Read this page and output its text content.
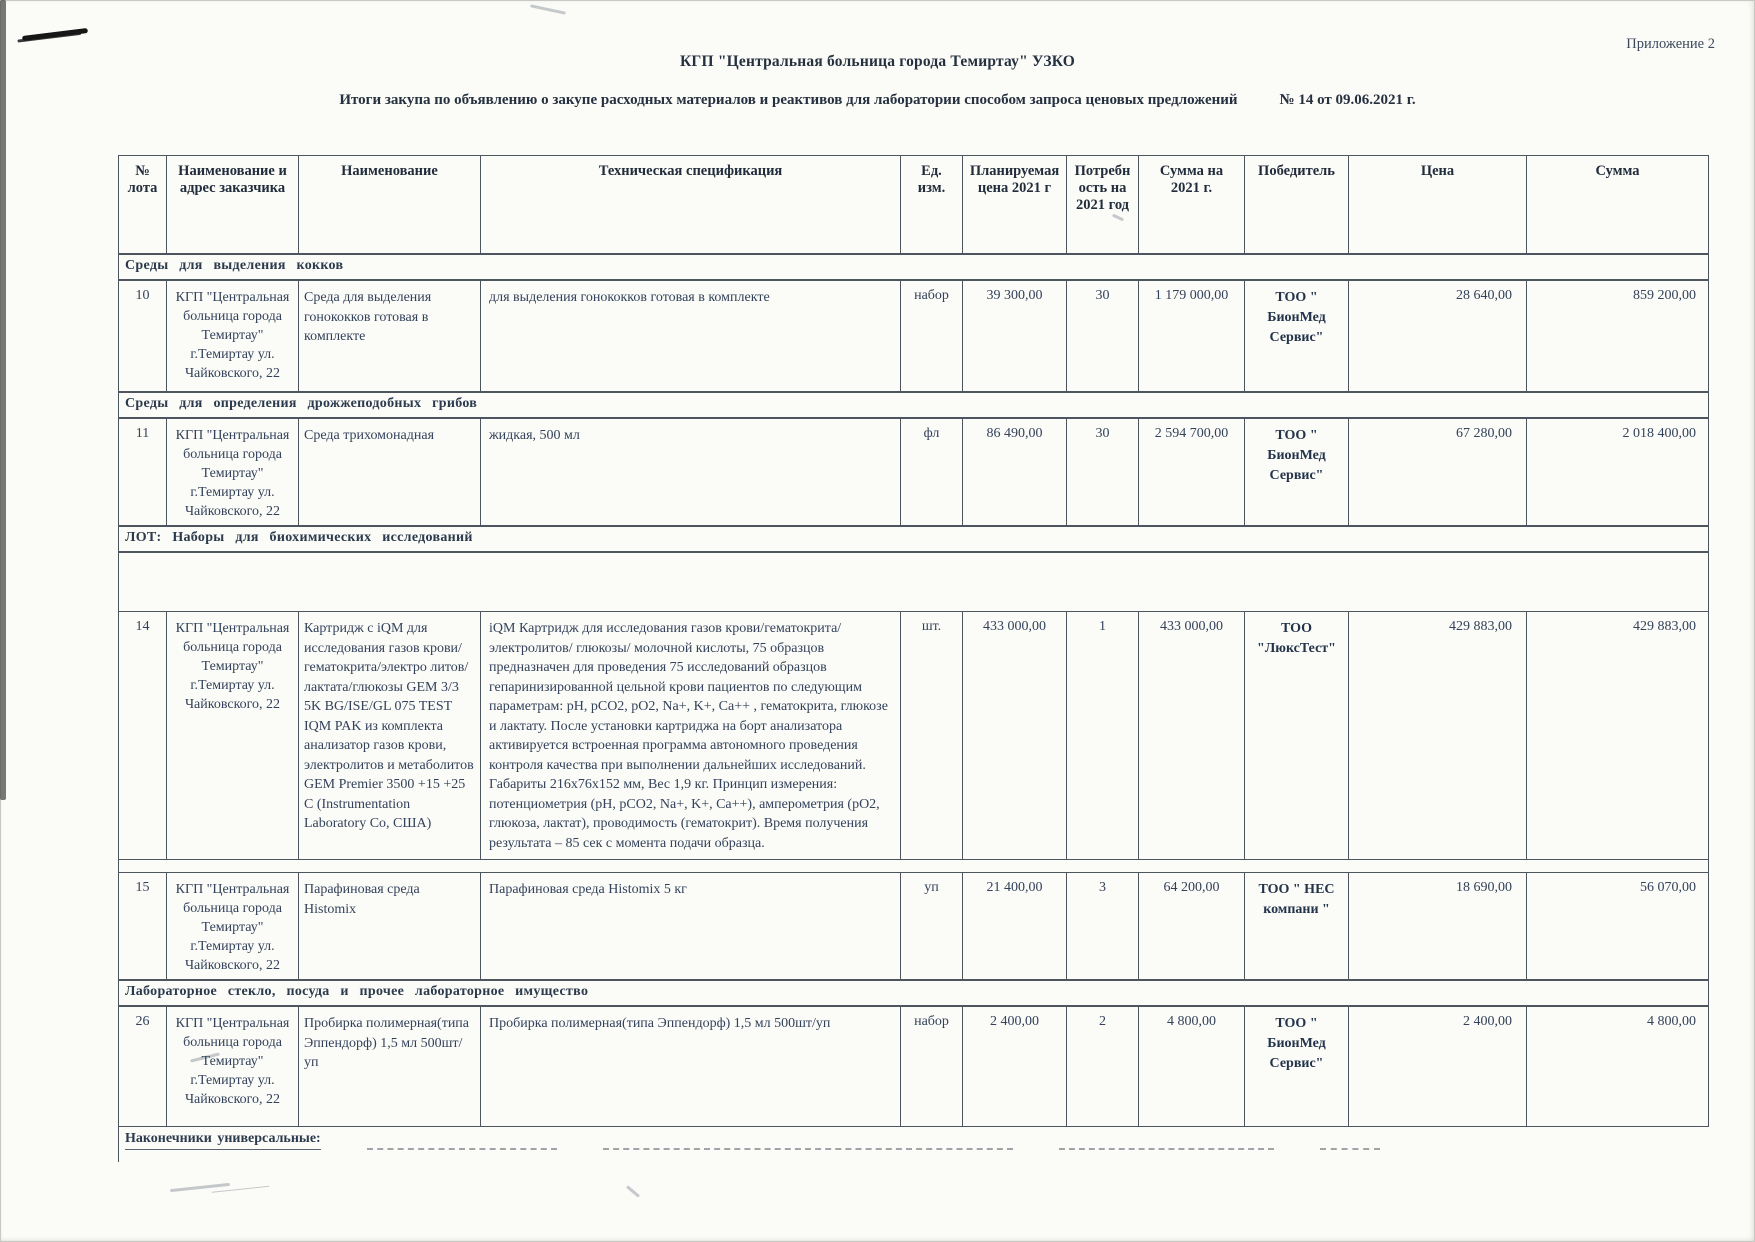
Приложение 2
КГП "Центральная больница города Темиртау" УЗКО
Итоги закупа по объявлению о закупе расходных материалов и реактивов для лаборатории способом запроса ценовых предложений	№ 14 от 09.06.2021 г.
№ лота	Наименование и адрес заказчика	Наименование	Техническая спецификация	Ед. изм.	Планируемая цена 2021 г	Потребность на 2021 год	Сумма на 2021 г.	Победитель	Цена	Сумма
Среды для выделения кокков										
10	КГП "Центральная больница города Темиртау" г.Темиртау ул. Чайковского, 22	Среда для выделения гонококков готовая в комплекте	для выделения гонококков готовая в комплекте	набор	39 300,00	30	1 179 000,00	ТОО " БионМед Сервис"	28 640,00	859 200,00
Среды для определения дрожжеподобных грибов										
11	КГП "Центральная больница города Темиртау" г.Темиртау ул. Чайковского, 22	Среда трихомонадная	жидкая, 500 мл	фл	86 490,00	30	2 594 700,00	ТОО " БионМед Сервис"	67 280,00	2 018 400,00
ЛОТ: Наборы для биохимических исследований										

14	КГП "Центральная больница города Темиртау" г.Темиртау ул. Чайковского, 22	Картридж с iQM для исследования газов крови/гематокрита/электро литов/лактата/глюкозы GEM 3/3 5K BG/ISE/GL 075 TEST IQM PAK из комплекта анализатор газов крови, электролитов и метаболитов GEM Premier 3500 +15 +25 C (Instrumentation Laboratory Co, США)	iQM Картридж для исследования газов крови/гематокрита/ электролитов/ глюкозы/ молочной кислоты, 75 образцов предназначен для проведения 75 исследований образцов гепаринизированной цельной крови пациентов по следующим параметрам: pH, pCO2, pO2, Na+, K+, Ca++ , гематокрита, глюкозе и лактату. После установки картриджа на борт анализатора активируется встроенная программа автономного проведения контроля качества при выполнении дальнейших исследований. Габариты 216х76х152 мм, Вес 1,9 кг. Принцип измерения: потенциометрия (pH, pCO2, Na+, K+, Ca++), амперометрия (pO2, глюкоза, лактат), проводимость (гематокрит). Время получения результата – 85 сек с момента подачи образца.	шт.	433 000,00	1	433 000,00	ТОО "ЛюксТест"	429 883,00	429 883,00

15	КГП "Центральная больница города Темиртау" г.Темиртау ул. Чайковского, 22	Парафиновая среда Histomix	Парафиновая среда Histomix 5 кг	уп	21 400,00	3	64 200,00	ТОО " НЕС компани "	18 690,00	56 070,00
Лабораторное стекло, посуда и прочее лабораторное имущество										
26	КГП "Центральная больница города Темиртау" г.Темиртау ул. Чайковского, 22	Пробирка полимерная(типа Эппендорф) 1,5 мл 500шт/уп	Пробирка полимерная(типа Эппендорф) 1,5 мл 500шт/уп	набор	2 400,00	2	4 800,00	ТОО " БионМед Сервис"	2 400,00	4 800,00

Наконечники универсальные:										
